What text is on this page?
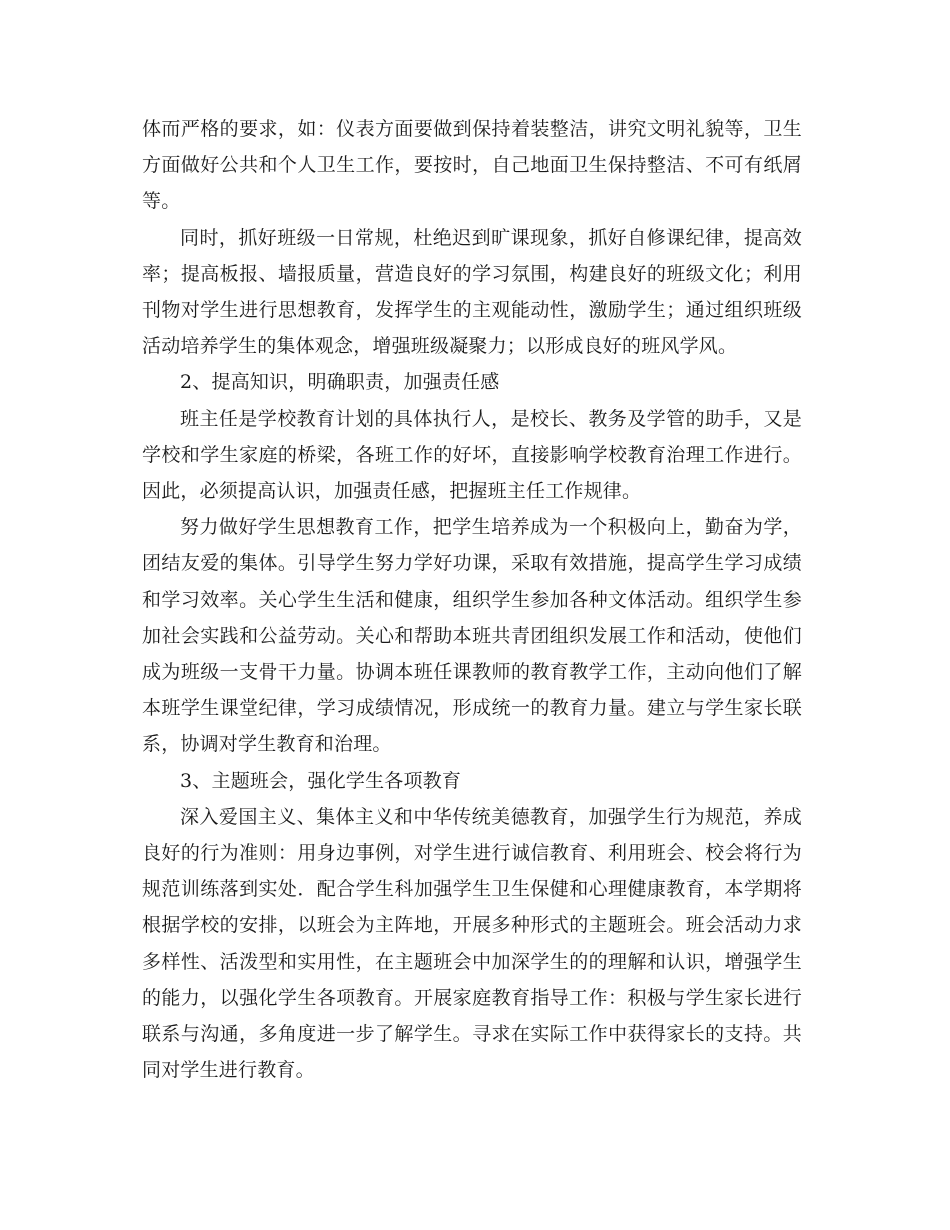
体而严格的要求，如：仪表方面要做到保持着装整洁，讲究文明礼貌等，卫生方面做好公共和个人卫生工作，要按时，自己地面卫生保持整洁、不可有纸屑等。

同时，抓好班级一日常规，杜绝迟到旷课现象，抓好自修课纪律，提高效率；提高板报、墙报质量，营造良好的学习氛围，构建良好的班级文化；利用刊物对学生进行思想教育，发挥学生的主观能动性，激励学生；通过组织班级活动培养学生的集体观念，增强班级凝聚力；以形成良好的班风学风。

2、提高知识，明确职责，加强责任感

班主任是学校教育计划的具体执行人，是校长、教务及学管的助手，又是学校和学生家庭的桥梁，各班工作的好坏，直接影响学校教育治理工作进行。因此，必须提高认识，加强责任感，把握班主任工作规律。

努力做好学生思想教育工作，把学生培养成为一个积极向上，勤奋为学，团结友爱的集体。引导学生努力学好功课，采取有效措施，提高学生学习成绩和学习效率。关心学生生活和健康，组织学生参加各种文体活动。组织学生参加社会实践和公益劳动。关心和帮助本班共青团组织发展工作和活动，使他们成为班级一支骨干力量。协调本班任课教师的教育教学工作，主动向他们了解本班学生课堂纪律，学习成绩情况，形成统一的教育力量。建立与学生家长联系，协调对学生教育和治理。

3、主题班会，强化学生各项教育

深入爱国主义、集体主义和中华传统美德教育，加强学生行为规范，养成良好的行为准则：用身边事例，对学生进行诚信教育、利用班会、校会将行为规范训练落到实处．配合学生科加强学生卫生保健和心理健康教育，本学期将根据学校的安排，以班会为主阵地，开展多种形式的主题班会。班会活动力求多样性、活泼型和实用性，在主题班会中加深学生的的理解和认识，增强学生的能力，以强化学生各项教育。开展家庭教育指导工作：积极与学生家长进行联系与沟通，多角度进一步了解学生。寻求在实际工作中获得家长的支持。共同对学生进行教育。
